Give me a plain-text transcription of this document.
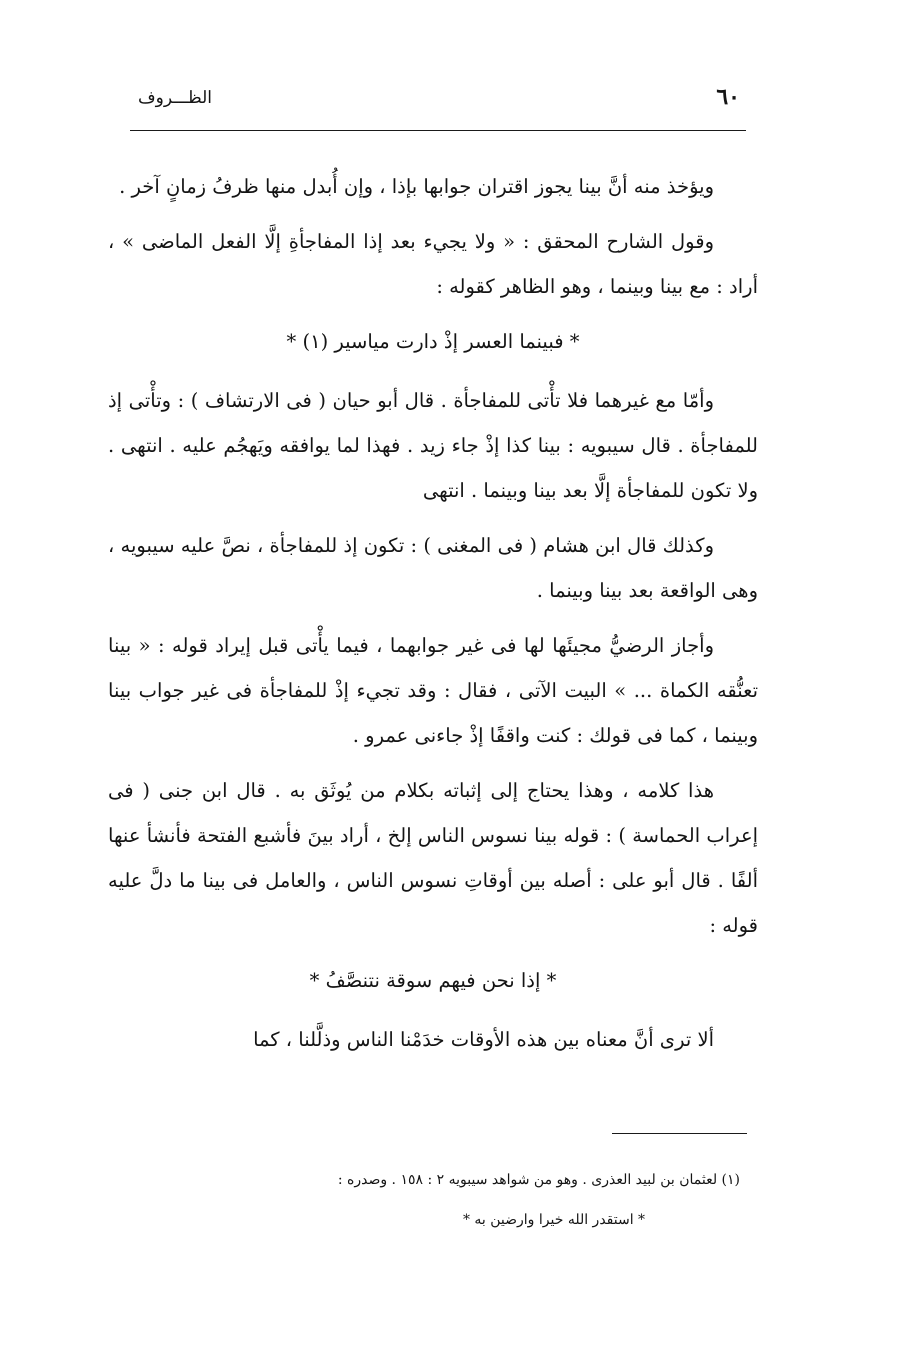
٦٠
الظـــروف

ويؤخذ منه أنَّ بينا يجوز اقتران جوابها بإذا ، وإن أُبدل منها ظرفُ زمانٍ آخر .

وقول الشارح المحقق : « ولا يجيء بعد إذا المفاجأةِ إلَّا الفعل الماضى » ، أراد : مع بينا وبينما ، وهو الظاهر كقوله :

* فبينما العسر إذْ دارت مياسير (١) *

وأمّا مع غيرهما فلا تأْتى للمفاجأة . قال أبو حيان ( فى الارتشاف ) : وتأْتى إذ للمفاجأة . قال سيبويه : بينا كذا إذْ جاء زيد . فهذا لما يوافقه ويَهجُم عليه . انتهى . ولا تكون للمفاجأة إلَّا بعد بينا وبينما . انتهى

وكذلك قال ابن هشام ( فى المغنى ) : تكون إذ للمفاجأة ، نصَّ عليه سيبويه ، وهى الواقعة بعد بينا وبينما .

وأجاز الرضيُّ مجيئَها لها فى غير جوابهما ، فيما يأْتى قبل إيراد قوله : « بينا تعنُّقه الكماة ... » البيت الآتى ، فقال : وقد تجيء إذْ للمفاجأة فى غير جواب بينا وبينما ، كما فى قولك : كنت واقفًا إذْ جاءنى عمرو .

هذا كلامه ، وهذا يحتاج إلى إثباته بكلام من يُوثَق به . قال ابن جنى ( فى إعراب الحماسة ) : قوله بينا نسوس الناس إلخ ، أراد بينَ فأشبع الفتحة فأنشأ عنها ألفًا . قال أبو على : أصله بين أوقاتِ نسوس الناس ، والعامل فى بينا ما دلَّ عليه قوله :

* إذا نحن فيهم سوقة نتنصَّفُ *

ألا ترى أنَّ معناه بين هذه الأوقات خدَمْنا الناس وذلَّلنا ، كما

(١) لعثمان بن لبيد العذرى . وهو من شواهد سيبويه ٢ : ١٥٨ . وصدره :
* استقدر الله خيرا وارضين به *
